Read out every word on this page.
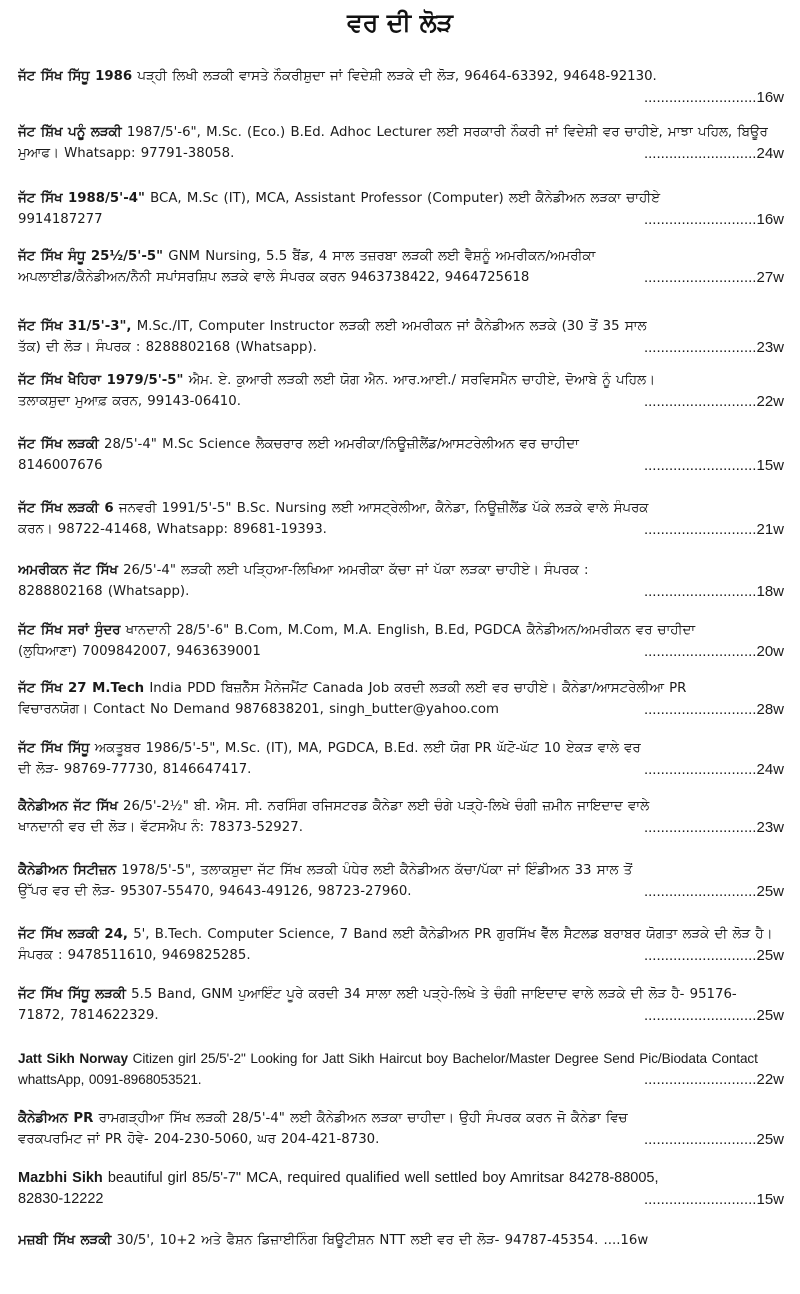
ਵਰ ਦੀ ਲੋੜ
ਜੱਟ ਸਿੱਖ ਸਿੱਧੂ 1986 ਪੜ੍ਹੀ ਲਿਖੀ ਲੜਕੀ ਵਾਸਤੇ ਨੌਕਰੀਸ਼ੁਦਾ ਜਾਂ ਵਿਦੇਸ਼ੀ ਲੜਕੇ ਦੀ ਲੋੜ, 96464-63392, 94648-92130.
...........................16w
ਜੱਟ ਸ਼ਿੱਖ ਪਨੂੰ ਲੜਕੀ 1987/5'-6", M.Sc. (Eco.) B.Ed. Adhoc Lecturer ਲਈ ਸਰਕਾਰੀ ਨੌਕਰੀ ਜਾਂ ਵਿਦੇਸ਼ੀ ਵਰ ਚਾਹੀਏ, ਮਾਝਾ ਪਹਿਲ, ਬਿਊਰ
ਮੁਆਫ। Whatsapp: 97791-38058.	...........................24w
ਜੱਟ ਸਿੱਖ 1988/5'-4" BCA, M.Sc (IT), MCA, Assistant Professor (Computer) ਲਈ ਕੈਨੇਡੀਅਨ ਲੜਕਾ ਚਾਹੀਏ
9914187277	...........................16w
ਜੱਟ ਸਿੱਖ ਸੰਧੂ 25½/5'-5" GNM Nursing, 5.5 ਬੈਂਡ, 4 ਸਾਲ ਤਜ਼ਰਬਾ ਲੜਕੀ ਲਈ ਵੈਸ਼ਨੂੰ ਅਮਰੀਕਨ/ਅਮਰੀਕਾ
ਅਪਲਾਈਡ/ਕੈਨੇਡੀਅਨ/ਨੈਨੀ ਸਪਾਂਸਰਸ਼ਿਪ ਲੜਕੇ ਵਾਲੇ ਸੰਪਰਕ ਕਰਨ 9463738422, 9464725618	...........................27w
ਜੱਟ ਸਿੱਖ 31/5'-3", M.Sc./IT, Computer Instructor ਲੜਕੀ ਲਈ ਅਮਰੀਕਨ ਜਾਂ ਕੈਨੇਡੀਅਨ ਲੜਕੇ (30 ਤੋਂ 35 ਸਾਲ
ਤੱਕ) ਦੀ ਲੋੜ। ਸੰਪਰਕ : 8288802168 (Whatsapp).	...........................23w
ਜੱਟ ਸਿੱਖ ਖੈਹਿਰਾ 1979/5'-5" ਐਮ. ਏ. ਕੁਆਰੀ ਲੜਕੀ ਲਈ ਯੋਗ ਐਨ. ਆਰ.ਆਈ./ ਸਰਵਿਸਮੈਨ ਚਾਹੀਏ, ਦੋਆਬੇ ਨੂੰ ਪਹਿਲ।
ਤਲਾਕਸ਼ੁਦਾ ਮੁਆਫ਼ ਕਰਨ, 99143-06410.	...........................22w
ਜੱਟ ਸਿੱਖ ਲੜਕੀ 28/5'-4" M.Sc Science ਲੈਕਚਰਾਰ ਲਈ ਅਮਰੀਕਾ/ਨਿਊਜ਼ੀਲੈਂਡ/ਆਸਟਰੇਲੀਅਨ ਵਰ ਚਾਹੀਦਾ
8146007676	...........................15w
ਜੱਟ ਸਿੱਖ ਲੜਕੀ 6 ਜਨਵਰੀ 1991/5'-5" B.Sc. Nursing ਲਈ ਆਸਟ੍ਰੇਲੀਆ, ਕੈਨੇਡਾ, ਨਿਊਜ਼ੀਲੈਂਡ ਪੱਕੇ ਲੜਕੇ ਵਾਲੇ ਸੰਪਰਕ
ਕਰਨ। 98722-41468, Whatsapp: 89681-19393.	...........................21w
ਅਮਰੀਕਨ ਜੱਟ ਸਿੱਖ 26/5'-4" ਲੜਕੀ ਲਈ ਪੜ੍ਹਿਆ-ਲਿਖਿਆ ਅਮਰੀਕਾ ਕੱਚਾ ਜਾਂ ਪੱਕਾ ਲੜਕਾ ਚਾਹੀਏ। ਸੰਪਰਕ :
8288802168 (Whatsapp).	...........................18w
ਜੱਟ ਸਿੱਖ ਸਰਾਂ ਸੁੰਦਰ ਖਾਨਦਾਨੀ 28/5'-6" B.Com, M.Com, M.A. English, B.Ed, PGDCA ਕੈਨੇਡੀਅਨ/ਅਮਰੀਕਨ ਵਰ ਚਾਹੀਦਾ
(ਲੁਧਿਆਣਾ) 7009842007, 9463639001	...........................20w
ਜੱਟ ਸਿੱਖ 27 M.Tech India PDD ਬਿਜ਼ਨੈੱਸ ਮੈਨੇਜਮੈਂਟ Canada Job ਕਰਦੀ ਲੜਕੀ ਲਈ ਵਰ ਚਾਹੀਏ। ਕੈਨੇਡਾ/ਆਸਟਰੇਲੀਆ PR
ਵਿਚਾਰਨਯੋਗ। Contact No Demand 9876838201, singh_butter@yahoo.com	...........................28w
ਜੱਟ ਸਿੱਖ ਸਿੱਧੂ ਅਕਤੂਬਰ 1986/5'-5", M.Sc. (IT), MA, PGDCA, B.Ed. ਲਈ ਯੋਗ PR ਘੱਟੋ-ਘੱਟ 10 ਏਕੜ ਵਾਲੇ ਵਰ
ਦੀ ਲੋੜ- 98769-77730, 8146647417.	...........................24w
ਕੈਨੇਡੀਅਨ ਜੱਟ ਸਿੱਖ 26/5'-2½" ਬੀ. ਐਸ. ਸੀ. ਨਰਸਿੰਗ ਰਜਿਸਟਰਡ ਕੈਨੇਡਾ ਲਈ ਚੰਗੇ ਪੜ੍ਹੇ-ਲਿਖੇ ਚੰਗੀ ਜ਼ਮੀਨ ਜਾਇਦਾਦ ਵਾਲੇ
ਖਾਨਦਾਨੀ ਵਰ ਦੀ ਲੋੜ। ਵੱਟਸਐਪ ਨੰ: 78373-52927.	...........................23w
ਕੈਨੇਡੀਅਨ ਸਿਟੀਜ਼ਨ 1978/5'-5", ਤਲਾਕਸ਼ੁਦਾ ਜੱਟ ਸਿੱਖ ਲੜਕੀ ਪੰਧੇਰ ਲਈ ਕੈਨੇਡੀਅਨ ਕੱਚਾ/ਪੱਕਾ ਜਾਂ ਇੰਡੀਅਨ 33 ਸਾਲ ਤੋਂ
ਉੱਪਰ ਵਰ ਦੀ ਲੋੜ- 95307-55470, 94643-49126, 98723-27960.	...........................25w
ਜੱਟ ਸਿੱਖ ਲੜਕੀ 24, 5', B.Tech. Computer Science, 7 Band ਲਈ ਕੈਨੇਡੀਅਨ PR ਗੁਰਸਿੱਖ ਵੈੱਲ ਸੈਟਲਡ ਬਰਾਬਰ ਯੋਗਤਾ ਲੜਕੇ ਦੀ ਲੋੜ ਹੈ।
ਸੰਪਰਕ : 9478511610, 9469825285.	...........................25w
ਜੱਟ ਸਿੱਖ ਸਿੱਧੂ ਲੜਕੀ 5.5 Band, GNM ਪੁਆਇੰਟ ਪੂਰੇ ਕਰਦੀ 34 ਸਾਲਾ ਲਈ ਪੜ੍ਹੇ-ਲਿਖੇ ਤੇ ਚੰਗੀ ਜਾਇਦਾਦ ਵਾਲੇ ਲੜਕੇ ਦੀ ਲੋੜ ਹੈ- 95176-
71872, 7814622329.	...........................25w
Jatt Sikh Norway Citizen girl 25/5'-2" Looking for Jatt Sikh Haircut boy Bachelor/Master Degree Send Pic/Biodata Contact
whattsApp, 0091-8968053521.	...........................22w
ਕੈਨੇਡੀਅਨ PR ਰਾਮਗੜ੍ਹੀਆ ਸਿੱਖ ਲੜਕੀ 28/5'-4" ਲਈ ਕੈਨੇਡੀਅਨ ਲੜਕਾ ਚਾਹੀਦਾ। ਉਹੀ ਸੰਪਰਕ ਕਰਨ ਜੋ ਕੈਨੇਡਾ ਵਿਚ
ਵਰਕਪਰਮਿਟ ਜਾਂ PR ਹੋਵੇ- 204-230-5060, ਘਰ 204-421-8730.	...........................25w
Mazbhi Sikh beautiful girl 85/5'-7" MCA, required qualified well settled boy Amritsar 84278-88005,
82830-12222	...........................15w
ਮਜ਼ਬੀ ਸਿੱਖ ਲੜਕੀ 30/5', 10+2 ਅਤੇ ਫੈਸ਼ਨ ਡਿਜ਼ਾਈਨਿੰਗ ਬਿਊਟੀਸ਼ਨ NTT ਲਈ ਵਰ ਦੀ ਲੋੜ- 94787-45354. ....16w
